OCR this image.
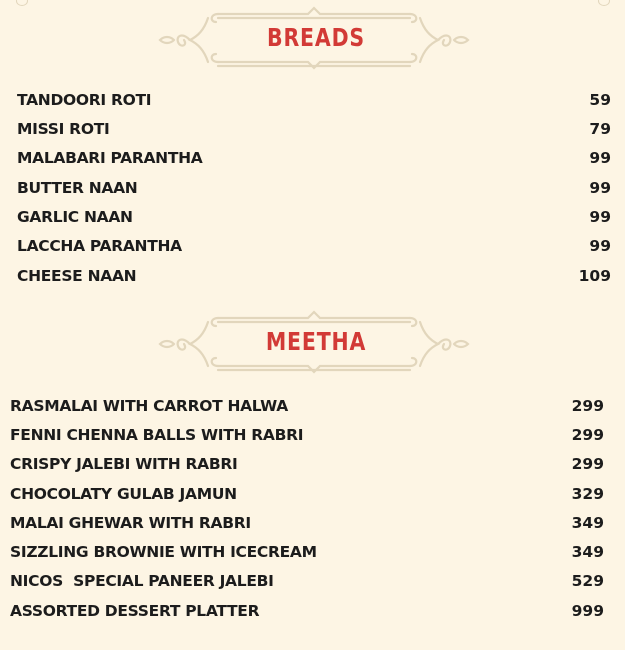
BREADS
TANDOORI ROTI	59
MISSI ROTI	79
MALABARI PARANTHA	99
BUTTER NAAN	99
GARLIC NAAN	99
LACCHA PARANTHA	99
CHEESE NAAN	109
MEETHA
RASMALAI WITH CARROT HALWA	299
FENNI CHENNA BALLS WITH RABRI	299
CRISPY JALEBI WITH RABRI	299
CHOCOLATY GULAB JAMUN	329
MALAI GHEWAR WITH RABRI	349
SIZZLING BROWNIE WITH ICECREAM	349
NICOS  SPECIAL PANEER JALEBI	529
ASSORTED DESSERT PLATTER	999
